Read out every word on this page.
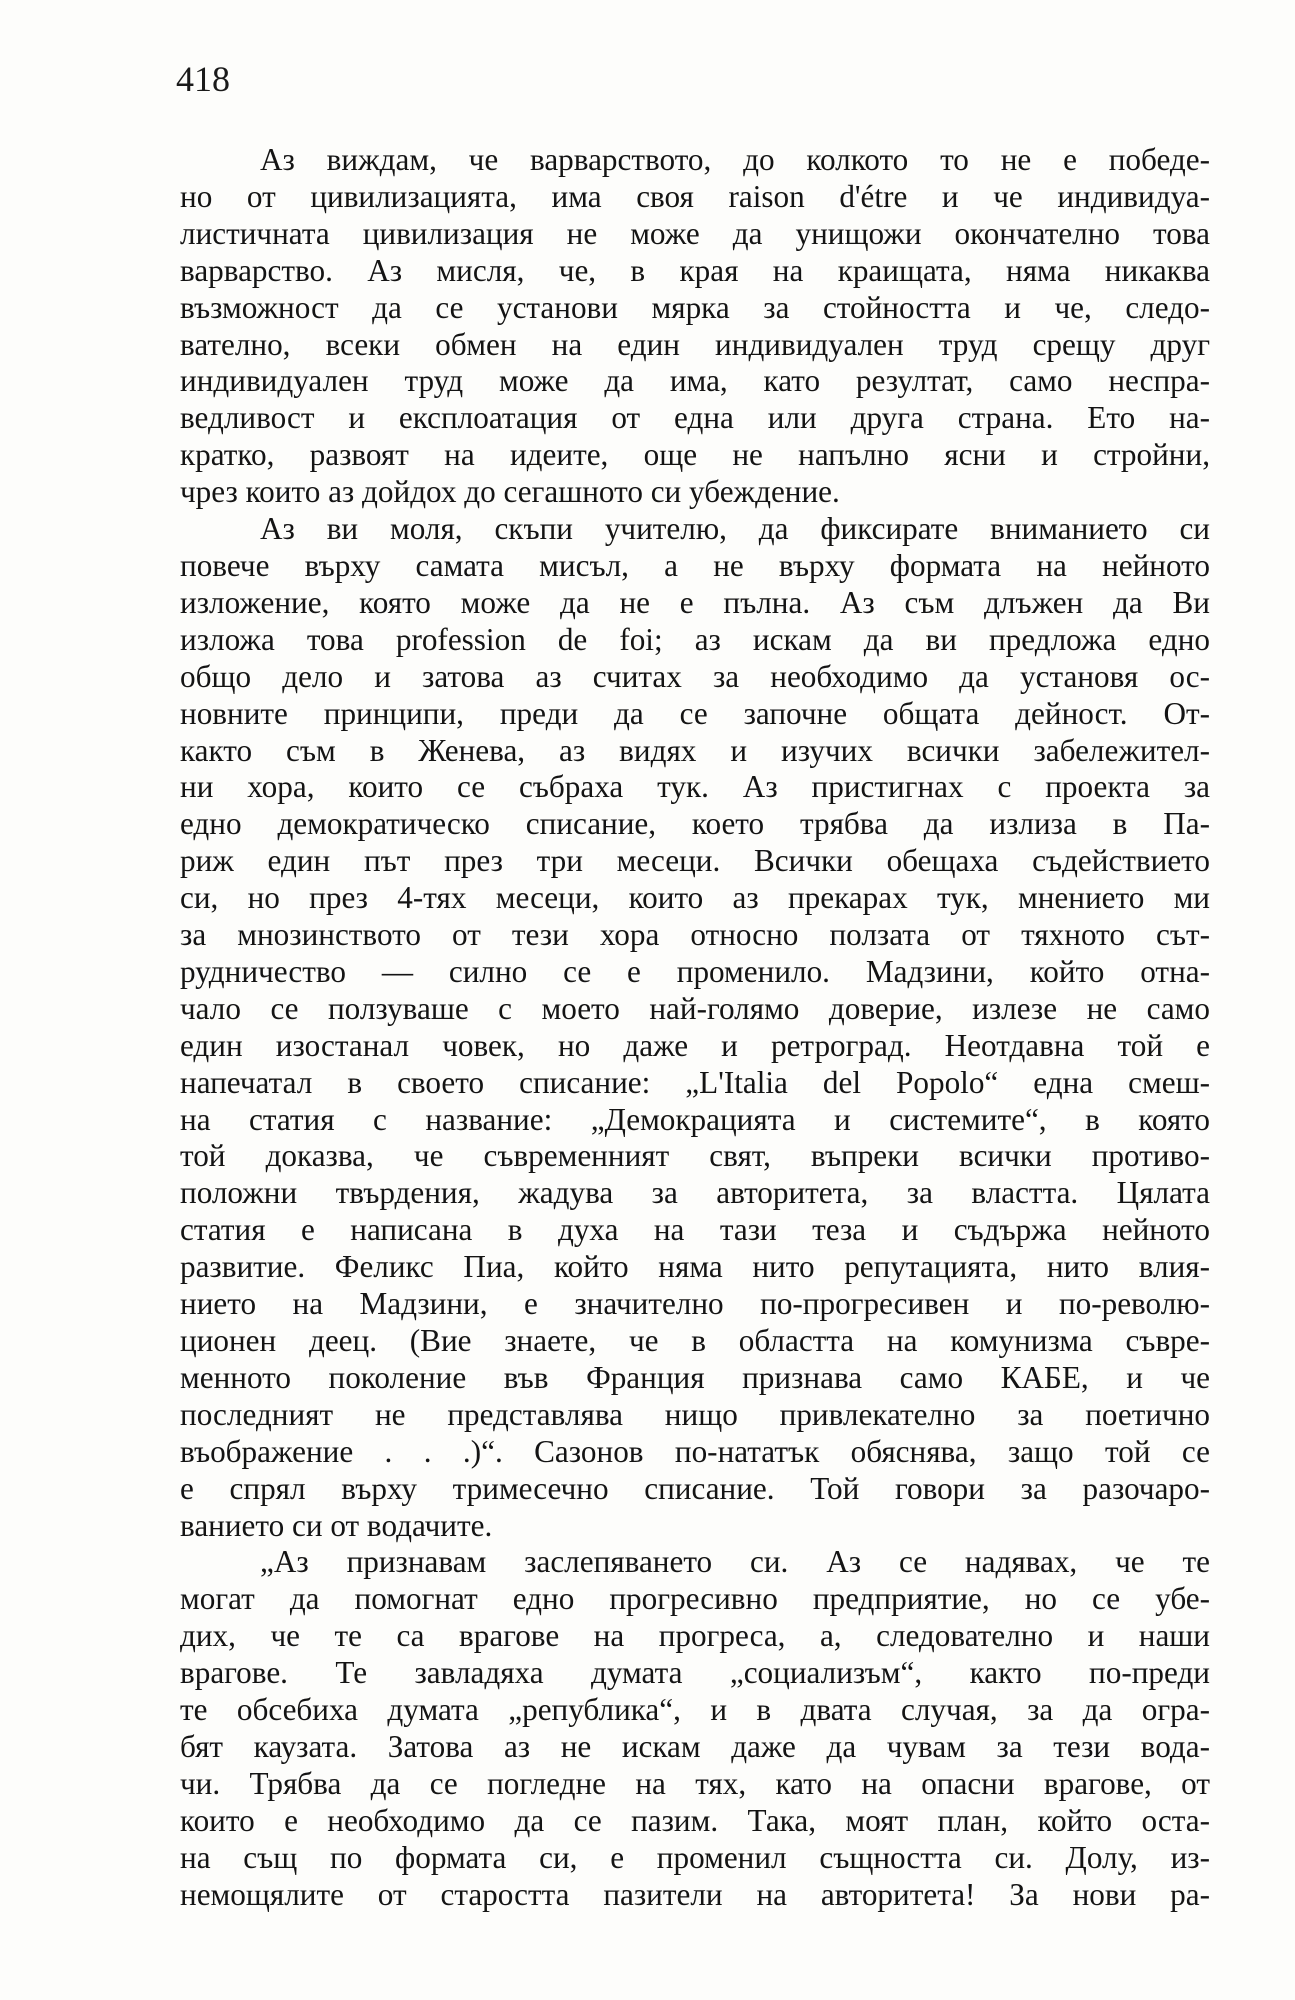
418

Аз виждам, че варварството, до колкото то не е победе-
но от цивилизацията, има своя raison d'étre и че индивидуа-
листичната цивилизация не може да унищожи окончателно това
варварство. Аз мисля, че, в края на краищата, няма никаква
възможност да се установи мярка за стойността и че, следо-
вателно, всеки обмен на един индивидуален труд срещу друг
индивидуален труд може да има, като резултат, само неспра-
ведливост и експлоатация от една или друга страна. Ето на-
кратко, развоят на идеите, още не напълно ясни и стройни,
чрез които аз дойдох до сегашното си убеждение.

Аз ви моля, скъпи учителю, да фиксирате вниманието си
повече върху самата мисъл, а не върху формата на нейното
изложение, която може да не е пълна. Аз съм длъжен да Ви
изложа това profession de foi; аз искам да ви предложа едно
общо дело и затова аз считах за необходимо да установя ос-
новните принципи, преди да се започне общата дейност. От-
както съм в Женева, аз видях и изучих всички забележител-
ни хора, които се събраха тук. Аз пристигнах с проекта за
едно демократическо списание, което трябва да излиза в Па-
риж един път през три месеци. Всички обещаха съдействието
си, но през 4-тях месеци, които аз прекарах тук, мнението ми
за мнозинството от тези хора относно ползата от тяхното сът-
рудничество — силно се е променило. Мадзини, който отна-
чало се ползуваше с моето най-голямо доверие, излезе не само
един изостанал човек, но даже и ретроград. Неотдавна той е
напечатал в своето списание: „L'Italia del Popolo“ една смеш-
на статия с название: „Демокрацията и системите“, в която
той доказва, че съвременният свят, въпреки всички противо-
положни твърдения, жадува за авторитета, за властта. Цялата
статия е написана в духа на тази теза и съдържа нейното
развитие. Феликс Пиа, който няма нито репутацията, нито влия-
нието на Мадзини, е значително по-прогресивен и по-револю-
ционен деец. (Вие знаете, че в областта на комунизма съвре-
менното поколение във Франция признава само КАБЕ, и че
последният не представлява нищо привлекателно за поетично
въображение . . .)“. Сазонов по-нататък обяснява, защо той се
е спрял върху тримесечно списание. Той говори за разочаро-
ванието си от водачите.

„Аз признавам заслепяването си. Аз се надявах, че те
могат да помогнат едно прогресивно предприятие, но се убе-
дих, че те са врагове на прогреса, а, следователно и наши
врагове. Те завладяха думата „социализъм“, както по-преди
те обсебиха думата „република“, и в двата случая, за да огра-
бят каузата. Затова аз не искам даже да чувам за тези вода-
чи. Трябва да се погледне на тях, като на опасни врагове, от
които е необходимо да се пазим. Така, моят план, който оста-
на същ по формата си, е променил същността си. Долу, из-
немощялите от старостта пазители на авторитета! За нови ра-
